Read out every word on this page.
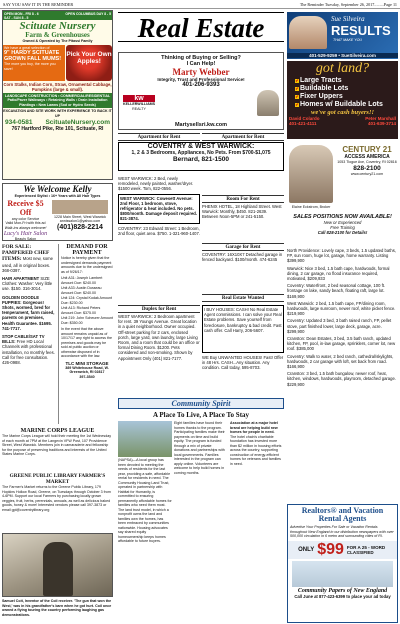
SAY YOU SAW IT IN THE REMINDER	The Reminder Tuesday, September 26, 2017.........Page 11
Real Estate
OPEN MON - FRI 8 - 6
SAT - SUN 8 - 5
OPEN COLUMBUS DAY 8 - 5
Scituate Nursery
Farm & Greenhouses
Owned & Operated by The Pitassi Family
We have a great selection of
9" HARDY SCITUATE GROWN FALL MUMS!
The more you buy, the more you save!
Pick Your Own Apples!
Corn Stalks, Indian Corn, Straw, Ornamental Cabbage, Pumpkins (large & small).
LANDSCAPE CONSTRUCTION • COMMERCIAL/RESIDENTIAL Patio/Paver Walkways • Retaining Walls • Drain Installation Plantings • New Lawns (Sod or Hydro Seeds)
EXCAVATION AND SITE WORK WITH EXPERIENCE TO BACK IT UP
934-0581 ScituateNursery.com
767 Hartford Pike, Rte 101, Scituate, RI
We Welcome Kelly
Experienced Stylist • 16+ Years with All Hair Types
Receive $5 Off
any color Service
Valid Mon-Fri with this ad
Walk-ins always welcome!
Lucy's Hair Salon
Beauty Salon
1228 Main Street, West Warwick
annissalon1@yahoo.com
(401)828-2214
FOR SALE: PAMPERED CHEF ITEMS: Most new, some used, all in original boxes. 368-0397.
HAIR APARTMENT SIZE Clothes: Washer: Very little use. $150. 316-3014.
GOLDEN DOODLE PUPPIES: Gorgeous! Shots, wormed, bred for temperament, farm raised, parents on premises, Health Guarantee. $1695. 741-7717.
STOP CABLE/SAT TV BILLS: Free HD Local Channels with professional installation, no monthly fees. Call for free consultation. 426-0988.
DEMAND FOR PAYMENT
Notice is hereby given that the undersigned demands payment amounts due to the undersigned as of 9/26/17:
Unit A31: Joseph Lambert Amount Due: $240.00
Unit A33: Austin Dusseau Amount Due: $240.00
Unit 124: Crystal Kodak Amount Due: $230.00
Unit A13: Richard Peters Amount Due: $375.00
Unit 219: John Scheurer Amount Due: $350.00
In the event that the above amount remains unpaid as of 10/17/17 any right to access the premises and goods may be sold at public auction or otherwise disposed of in accordance with the law.
TLC MINI STORAGE
389 Whitehouse Road, W. Greenwich, RI 02817
397-3540
MARINE CORPS LEAGUE
The Marine Corps League will hold their meeting the 1st Wednesday of each month at 7PM at the Langevin VFW Post, 107 Providence Street, West Warwick. Members join in camaraderie and fellowship for the purpose of preserving traditions and interests of the United States Marine Corps.
GREENE PUBLIC LIBRARY FARMER'S MARKET
The Farmer's Market returns to the Greene Public Library, 179 Hopkins Hollow Road, Greene, on Tuesdays through October 3 from 4-6PM. Support our local Farmers by purchasing locally grown veggies, fruit, herbs, perennials, annuals, as well as delicious baked goods, honey & more! Interested vendors please call 397-3873 or email gpl@coventrylibrary.org
Samuel Coit, Inventor of the Coil receiver. 'The gun that won the West,' was in his grandfather's barn when he got hurt. Coil once owned a flying touring the country performing laughing gas demonstrations.
Thinking of Buying or Selling?
I Can Help!
Marty Webber
Integrity, Trust and Professional Service!
401-206-9393
kw
KELLERWILLIAMS
REALTY
Martysellsri.kw.com
Apartment for Rent	Apartment for Rent
COVENTRY & WEST WARWICK:
1, 2 & 3 Bedrooms, Appliances, No Pets. From $700-$1,075
Bernard, 821-1500
WEST WARWICK: 2 Bed, newly remodeled, newly painted, washer/dryer. $1500 week. Tom, 822-0556.
WEST WARWICK: Cowesett Avenue: 2nd Floor, 1 bedroom, stove, refrigerator & heat included. No pets. $800/month. Damage deposit required. 821-3874.
COVENTRY: 23 Edward Street: 1 Bedroom, 2nd floor, quiet area. $750. 1-321-960-1407.
Duplex for Rent
WEST WARWICK: 2 Bedroom apartment for rent. 39 Youngs Avenue. Great location in a quiet neighborhood. Owner occupied. Off-street parking for 2 cars, enclosed porch, large yard, own laundry, large Living Room, and a room that could be an office or formal Dining Room. $1200. Pets considered and non-smoking. Shown by Appointment Only (401) 821-7177.
Room For Rent
PHENIX HOTEL, 18 Highland Street. West Warwick: Monthly, $450. 821-2639. Between Noon-5PM or 241-5150.
Garage for Rent
COVENTRY: 16X10X7 Detached garage in fenced backyard. $100/month. 474-6245
Real Estate Wanted
I BUY HOUSES: CASH! No Real Estate Agent commissions. I can solve your Real Estate problems. Save yourself from foreclosure, bankruptcy & bad credit. Fast cash offer. Call Harry, 206-5607.
WE Buy UNWANTED HOUSES! Fast! Offer in 48 Hrs. CASH...Any situation. Any condition. Call today, 595-8703.
Community Spirit
A Place To Live, A Place To Stay
(NAPSA)—A local group has been devoted to meeting the needs of residents for the last year, providing a safe, affordable rental for residents in need. The Community Housing Land Trust, operated in partnership with Habitat for Humanity, is committed to ensuring permanently affordable homes for families who need them most. The land trust model, in which a nonprofit owns the land and families own the homes, has been embraced by communities nationwide. Housing advocates say shared equity homeownership keeps homes affordable to future buyers.
Eight families have found their homes thanks to the program. Participating families make their payments on time and build equity. The program is funded through a mix of private donations and partnerships with local governments. Families interested in the program can apply online. Volunteers are welcome to help build homes in coming months.
Association at a major hotel brand are helping build new homes for people in need.
The hotel chain's charitable foundation has invested more than $2 million in housing efforts across the country, supporting construction of energy-efficient homes for veterans and families in need.
Sue Silveira
RESULTS
THAT MAKE YOU
401-529-9259 • SueSilveira.com
got land?
✔Large Tracts
✔Buildable Lots
✔Fixer Uppers
✔Homes w/ Buildable Lots
we've got cash buyers!!
David Colardo
401-421-4111
Peter Marshall
401-639-3714
CENTURY 21
ACCESS AMERICA
1053 Tiogue Ave, Coventry, RI 02816
828-2100
www.century21.com
Elaine Eckstrom, Broker
SALES POSITIONS NOW AVAILABLE!
New or Experienced
Free Training
Call 828-2100 for Details!
North Providence: Lovely cape, 3 beds, 1.5 updated baths, FP, sun room, huge lot, garage, home warranty. Listing $399,900
Warwick: Nice 3 bed, 1.5 bath cape, hardwoods, formal dining, 2 car garage, no flood insurance required, motivated, $209,933
Coventry: Waterfront, 2 bed seasonal cottage, 100 ft. frontage on lake, sandy beach, floating raft, large lot. $169,900
West Warwick: 2 bed, 1.5 bath cape, FP/dining room, hardwoods, large sunroom, newer roof, white picket fence. $219,900
Coventry: Updated 3 bed, 3 bath raised ranch, FP, pellet stove, part finished lower, large deck, garage, acre. $299,900
Cranston: Dean Estates, 3 bed, 3.5 bath ranch, updated kitchen, FP, pool, in-law garage, sprinklers, corner lot, new roof. $385,000
Coventry: Walk to water, 2 bed ranch, cathedral/skylights, hardwoods, 2 car garage with loft, set back from road. $166,900
Cranston: 3 bed, 1.5 bath bungalow, newer roof, heat, kitchen, windows, hardwoods, playroom, detached garage. $229,900
Realtors® and Vacation Rental Agents
Advertise Your Properties For Sale or Vacation Rentals throughout New England in our distribution newspapers with over 500,000 circulation in 6 metro and surrounding cities of RI.
ONLY $99 FOR A 25 - WORD CLASSIFIED
Community Papers of New England
Call June at 877-423-6399 to place your ad today
